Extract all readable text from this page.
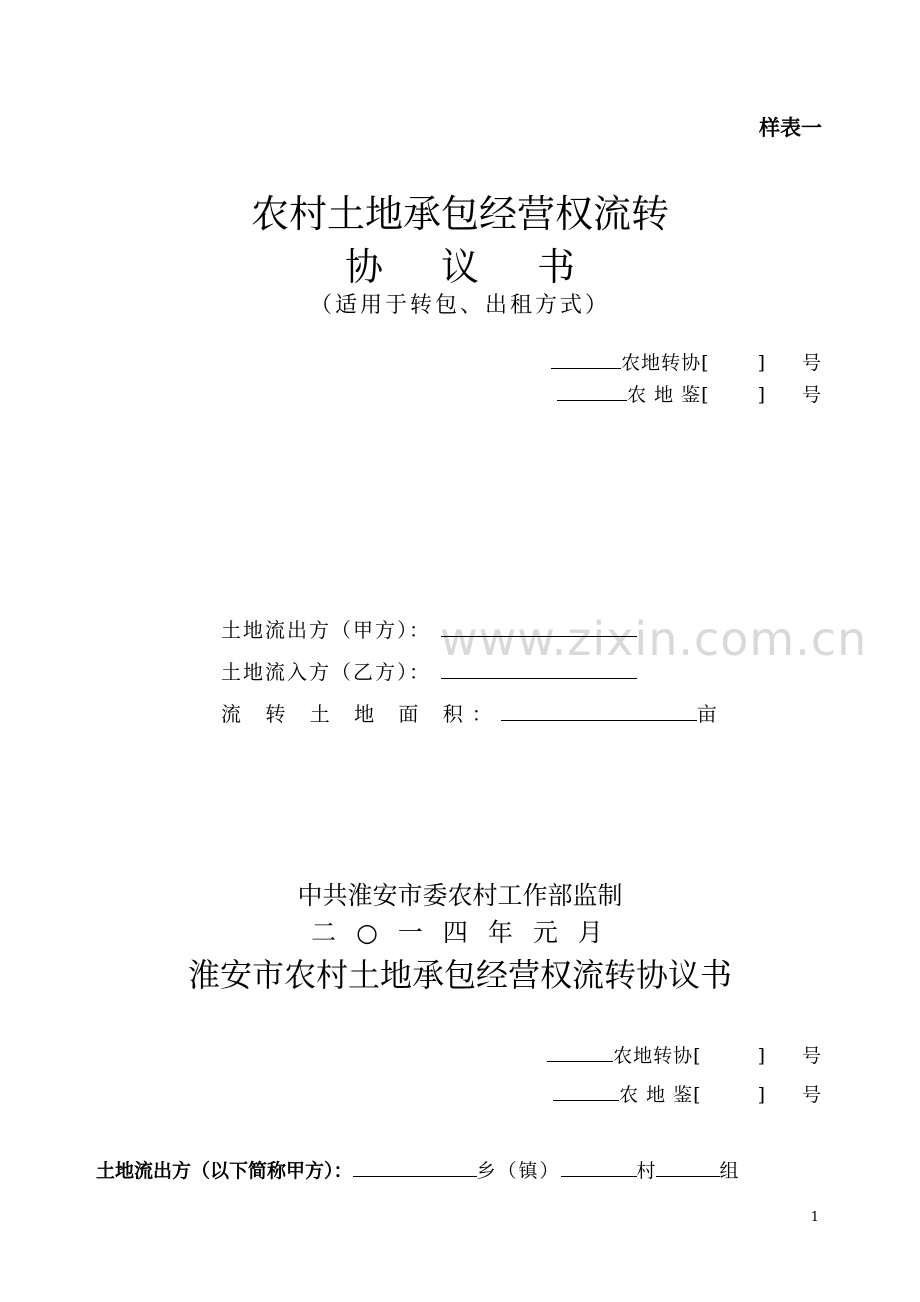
样表一
农村土地承包经营权流转
协议书
（适用于转包、出租方式）
农地转协[	] 号
农 地 鉴[	] 号
www.zixin.com.cn
土地流出方（甲方）：
土地流入方（乙方）：
流 转 土 地 面 积：	亩
中共淮安市委农村工作部监制
二○一四年元月
淮安市农村土地承包经营权流转协议书
农地转协[	] 号
农 地 鉴[	] 号
土地流出方（以下简称甲方）：	乡（镇）	村	组
1
